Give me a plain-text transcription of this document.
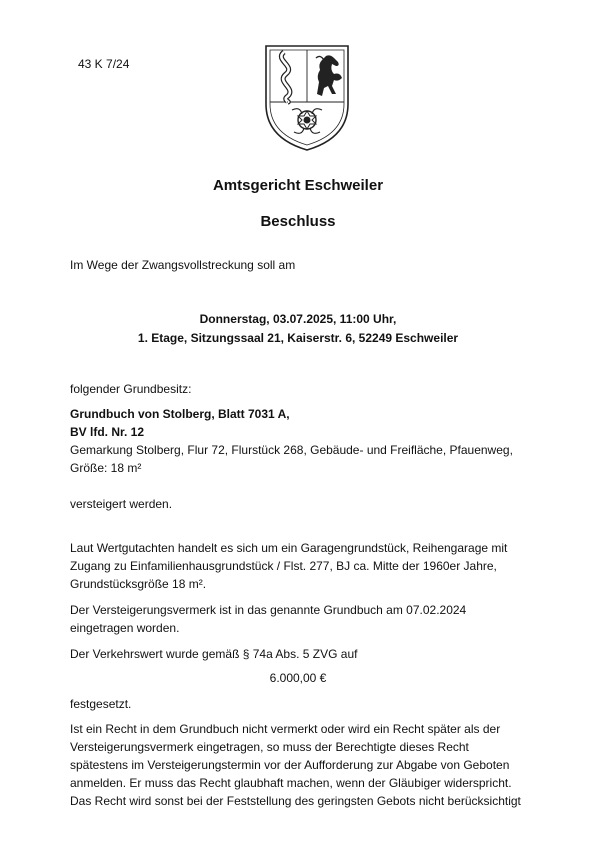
43 K 7/24

Amtsgericht Eschweiler

Beschluss

Im Wege der Zwangsvollstreckung soll am

Donnerstag, 03.07.2025, 11:00 Uhr,

1. Etage, Sitzungssaal 21, Kaiserstr. 6, 52249 Eschweiler

folgender Grundbesitz:

Grundbuch von Stolberg, Blatt 7031 A,

BV lfd. Nr. 12

Gemarkung Stolberg, Flur 72, Flurstück 268, Gebäude- und Freifläche, Pfauenweg,

Größe: 18 m²

versteigert werden.

Laut Wertgutachten handelt es sich um ein Garagengrundstück, Reihengarage mit

Zugang zu Einfamilienhausgrundstück / Flst. 277, BJ ca. Mitte der 1960er Jahre,

Grundstücksgröße 18 m².

Der Versteigerungsvermerk ist in das genannte Grundbuch am 07.02.2024

eingetragen worden.

Der Verkehrswert wurde gemäß § 74a Abs. 5 ZVG auf

6.000,00 €

festgesetzt.

Ist ein Recht in dem Grundbuch nicht vermerkt oder wird ein Recht später als der

Versteigerungsvermerk eingetragen, so muss der Berechtigte dieses Recht

spätestens im Versteigerungstermin vor der Aufforderung zur Abgabe von Geboten

anmelden. Er muss das Recht glaubhaft machen, wenn der Gläubiger widerspricht.

Das Recht wird sonst bei der Feststellung des geringsten Gebots nicht berücksichtigt
